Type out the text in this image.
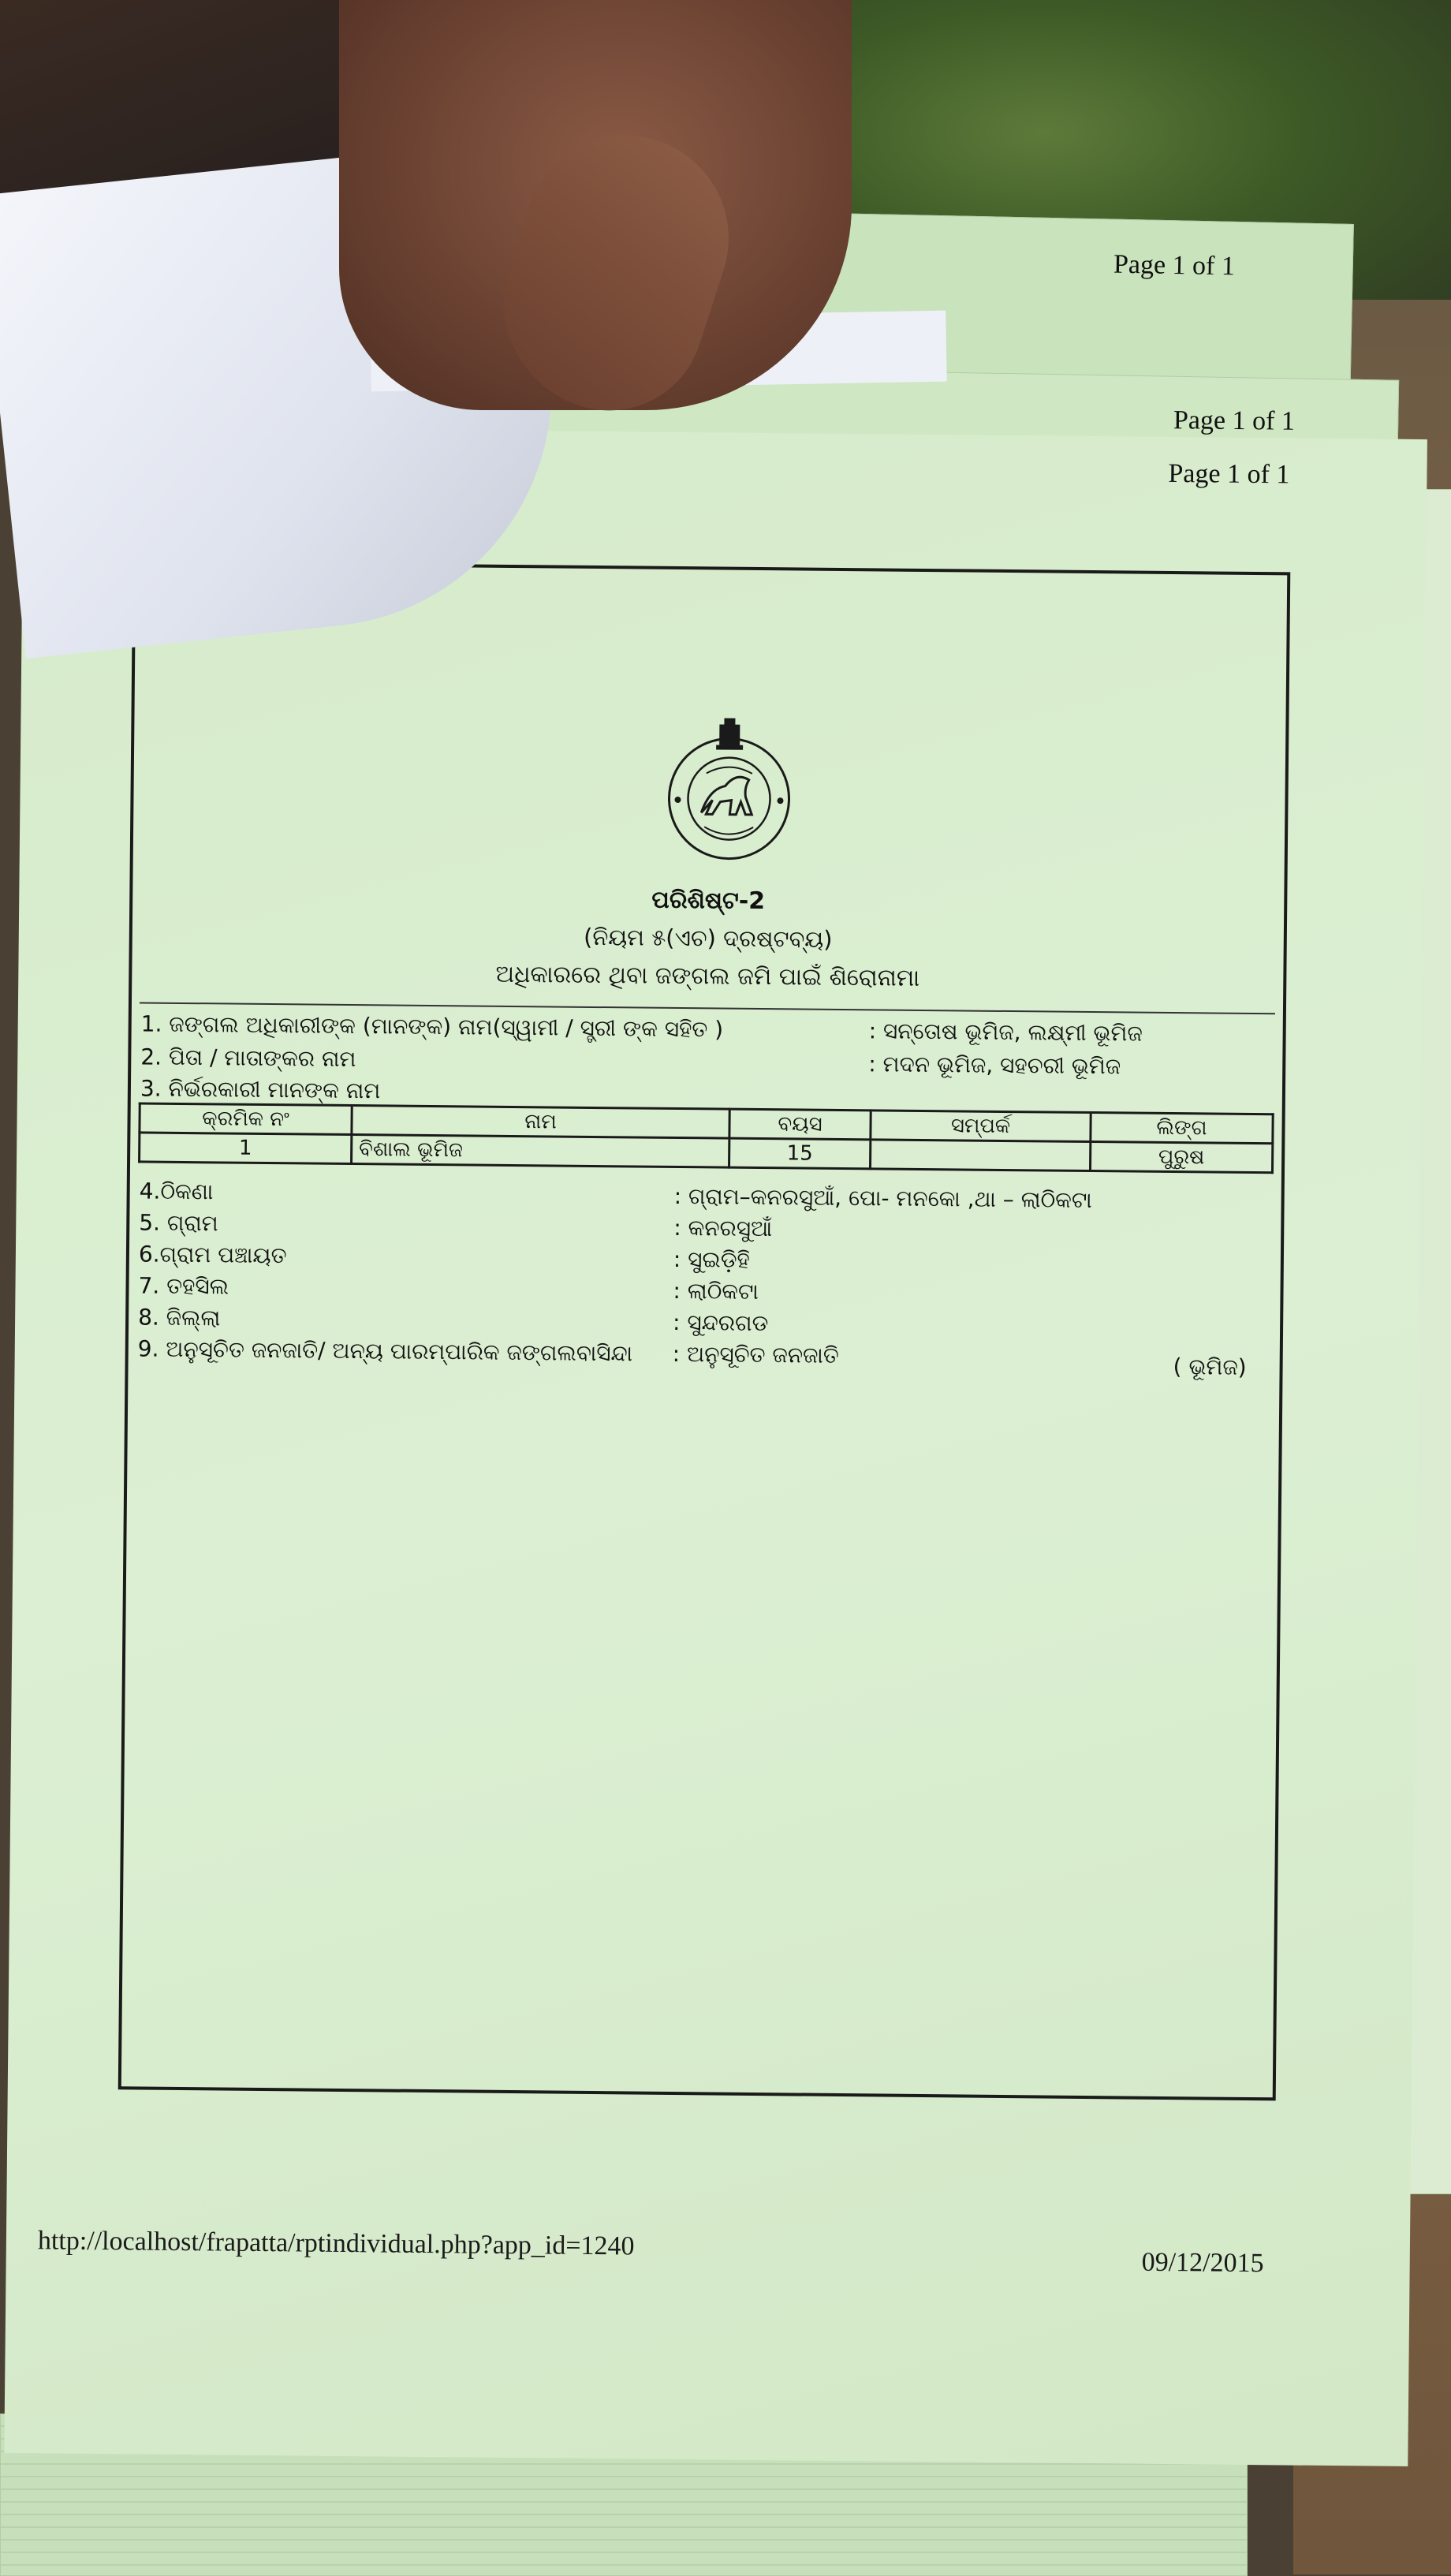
Page 1 of 1
Page 1 of 1
Page 1 of 1
ପରିଶିଷ୍ଟ-2
(ନିୟମ ୫(ଏଚ) ଦ୍ରଷ୍ଟବ୍ୟ)
ଅଧିକାରରେ ଥିବା ଜଙ୍ଗଲ ଜମି ପାଇଁ ଶିରୋନାମା
1. ଜଙ୍ଗଲ ଅଧିକାରୀଙ୍କ (ମାନଙ୍କ) ନାମ(ସ୍ୱାମୀ / ସ୍ତ୍ରୀ ଙ୍କ ସହିତ )	: ସନ୍ତୋଷ ଭୂମିଜ, ଲକ୍ଷ୍ମୀ ଭୂମିଜ
2. ପିତା / ମାତାଙ୍କର ନାମ	: ମଦନ ଭୂମିଜ, ସହଚରୀ ଭୂମିଜ
3. ନିର୍ଭରକାରୀ ମାନଙ୍କ ନାମ
କ୍ରମିକ ନଂ	ନାମ	ବୟସ	ସମ୍ପର୍କ	ଲିଙ୍ଗ
1	ବିଶାଲ ଭୂମିଜ	15		ପୁରୁଷ
4.ଠିକଣା	: ଗ୍ରାମ–କନରସୁଆଁ, ପୋ- ମନକୋ ,ଥା – ଲାଠିକଟା
5. ଗ୍ରାମ	: କନରସୁଆଁ
6.ଗ୍ରାମ ପଞ୍ଚାୟତ	: ସୁଇଡ଼ିହି
7. ତହସିଲ	: ଲାଠିକଟା
8. ଜିଲ୍ଲା	: ସୁନ୍ଦରଗଡ
9. ଅନୁସୂଚିତ ଜନଜାତି/ ଅନ୍ୟ ପାରମ୍ପାରିକ ଜଙ୍ଗଲବାସିନ୍ଦା : ଅନୁସୂଚିତ ଜନଜାତି	( ଭୂମିଜ)
http://localhost/frapatta/rptindividual.php?app_id=1240
09/12/2015
